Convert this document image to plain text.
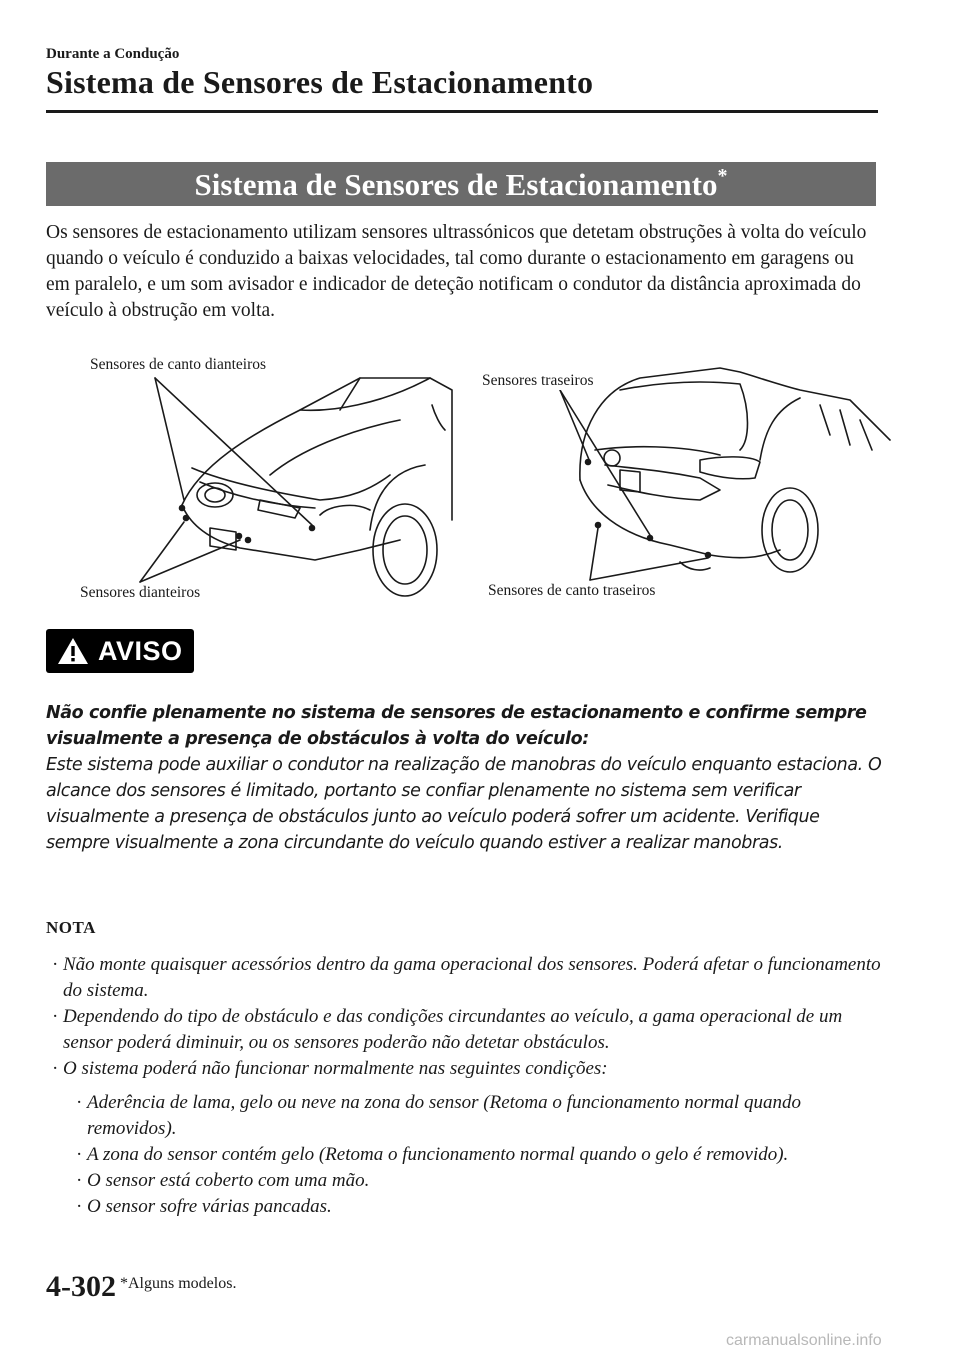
Durante a Condução
Sistema de Sensores de Estacionamento
Sistema de Sensores de Estacionamento*
Os sensores de estacionamento utilizam sensores ultrassónicos que detetam obstruções à volta do veículo quando o veículo é conduzido a baixas velocidades, tal como durante o estacionamento em garagens ou em paralelo, e um som avisador e indicador de deteção notificam o condutor da distância aproximada do veículo à obstrução em volta.
Sensores de canto dianteiros
Sensores dianteiros
Sensores traseiros
Sensores de canto traseiros
AVISO
Não confie plenamente no sistema de sensores de estacionamento e confirme sempre visualmente a presença de obstáculos à volta do veículo:
Este sistema pode auxiliar o condutor na realização de manobras do veículo enquanto estaciona. O alcance dos sensores é limitado, portanto se confiar plenamente no sistema sem verificar visualmente a presença de obstáculos junto ao veículo poderá sofrer um acidente. Verifique sempre visualmente a zona circundante do veículo quando estiver a realizar manobras.
NOTA
· Não monte quaisquer acessórios dentro da gama operacional dos sensores. Poderá afetar o funcionamento do sistema.
· Dependendo do tipo de obstáculo e das condições circundantes ao veículo, a gama operacional de um sensor poderá diminuir, ou os sensores poderão não detetar obstáculos.
· O sistema poderá não funcionar normalmente nas seguintes condições:
· Aderência de lama, gelo ou neve na zona do sensor (Retoma o funcionamento normal quando removidos).
· A zona do sensor contém gelo (Retoma o funcionamento normal quando o gelo é removido).
· O sensor está coberto com uma mão.
· O sensor sofre várias pancadas.
4-302 *Alguns modelos.
carmanualsonline.info
